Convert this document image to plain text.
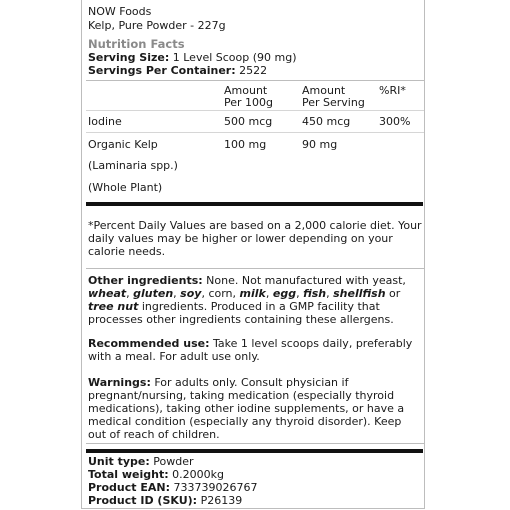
NOW Foods
Kelp, Pure Powder - 227g
Nutrition Facts
Serving Size: 1 Level Scoop (90 mg)
Servings Per Container: 2522
Amount
Per 100g
Amount
Per Serving
%RI*
Iodine	500 mcg	450 mcg	300%
Organic Kelp	100 mg	90 mg
(Laminaria spp.)
(Whole Plant)
*Percent Daily Values are based on a 2,000 calorie diet. Your daily values may be higher or lower depending on your calorie needs.
Other ingredients: None. Not manufactured with yeast, wheat, gluten, soy, corn, milk, egg, fish, shellfish or tree nut ingredients. Produced in a GMP facility that processes other ingredients containing these allergens.
Recommended use: Take 1 level scoops daily, preferably with a meal. For adult use only.
Warnings: For adults only. Consult physician if pregnant/nursing, taking medication (especially thyroid medications), taking other iodine supplements, or have a medical condition (especially any thyroid disorder). Keep out of reach of children.
Unit type: Powder
Total weight: 0.2000kg
Product EAN: 733739026767
Product ID (SKU): P26139
